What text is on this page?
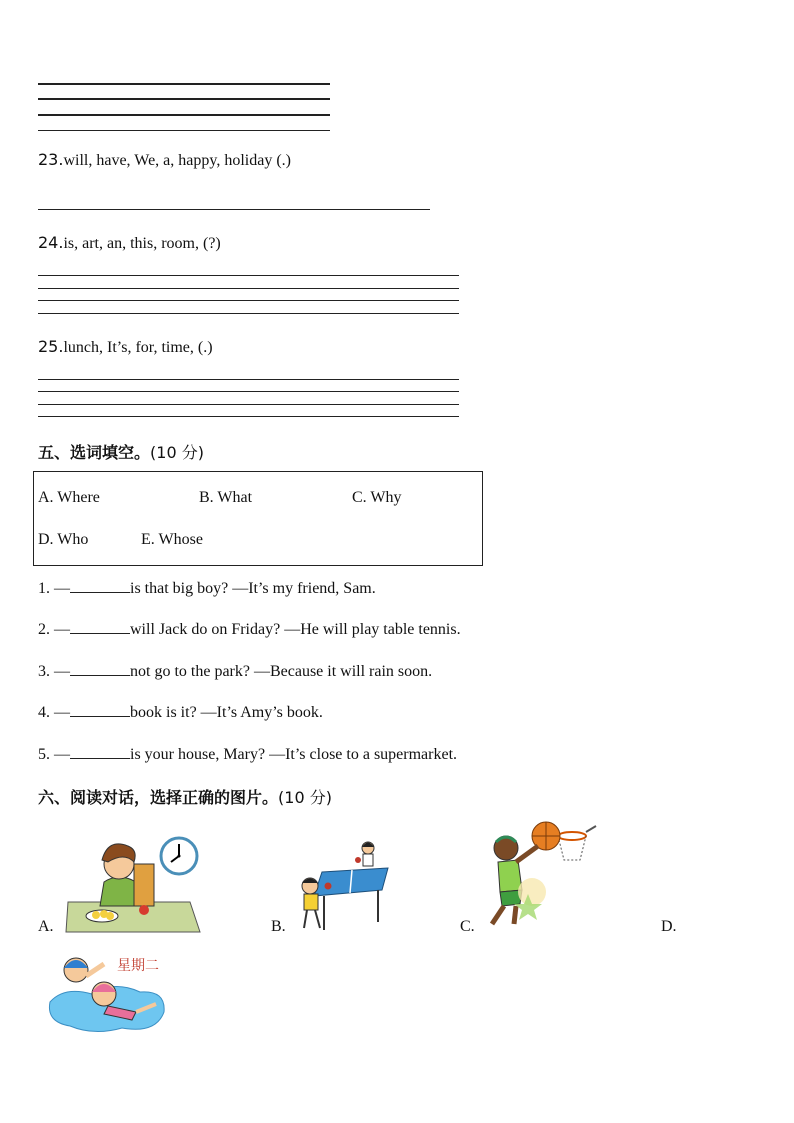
23.will, have, We, a, happy, holiday (.)
24.is, art, an, this, room, (?)
25.lunch, It’s, for, time, (.)
五、选词填空。(10 分)
A. Where	B. What	C. Why
D. Who	E. Whose
1. —	is that big boy? —It’s my friend, Sam.
2. —	will Jack do on Friday? —He will play table tennis.
3. —	not go to the park? —Because it will rain soon.
4. —	book is it? —It’s Amy’s book.
5. —	is your house, Mary? —It’s close to a supermarket.
六、阅读对话，选择正确的图片。(10 分)
A.	B.	C.	D.
星期二
